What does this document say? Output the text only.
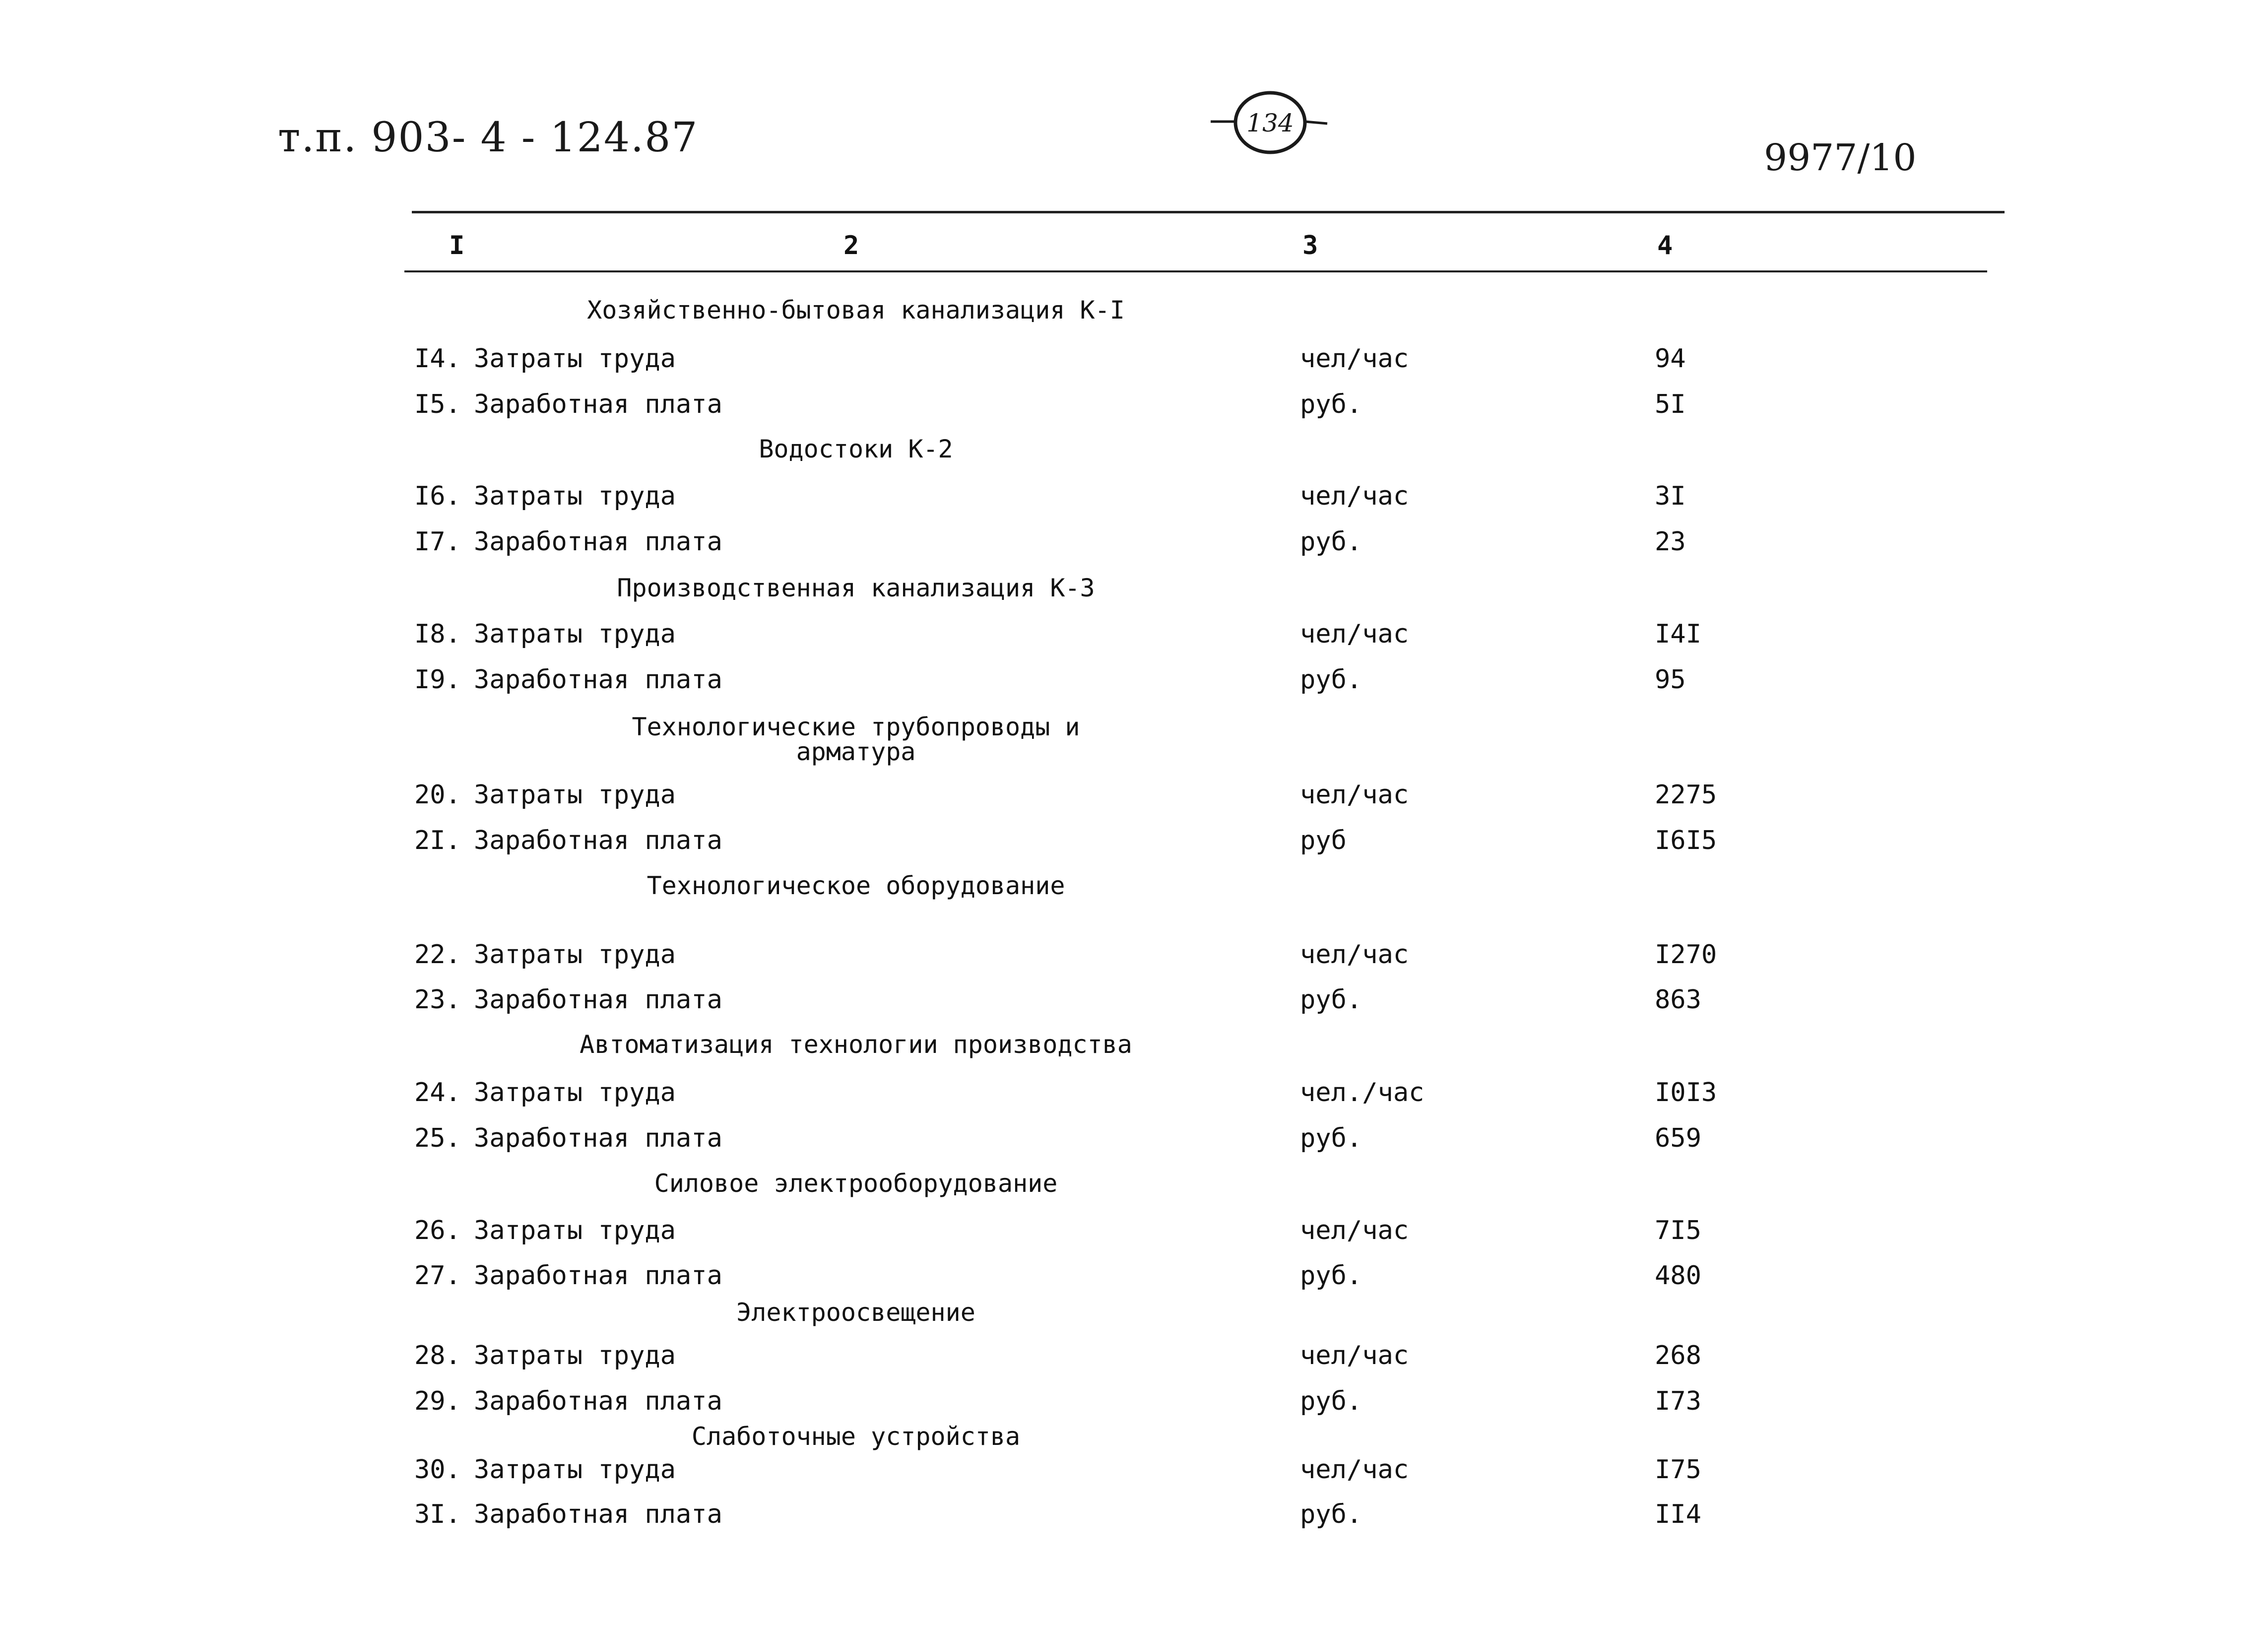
т.п. 903- 4 - 124.87	134
9977/10
I	2	3	4
Хозяйственно-бытовая канализация К-I
I4. Затраты труда	чел/час	94
I5. Заработная плата	руб.	5I
Водостоки К-2
I6. Затраты труда	чел/час	3I
I7. Заработная плата	руб.	23
Производственная канализация К-3
I8. Затраты труда	чел/час	I4I
I9. Заработная плата	руб.	95
Технологические трубопроводы и
арматура
20. Затраты труда	чел/час	2275
2I. Заработная плата	руб	I6I5
Технологическое оборудование
22. Затраты труда	чел/час	I270
23. Заработная плата	руб.	863
Автоматизация технологии производства
24. Затраты труда	чел./час	I0I3
25. Заработная плата	руб.	659
Силовое электрооборудование
26. Затраты труда	чел/час	7I5
27. Заработная плата	руб.	480
Электроосвещение
28. Затраты труда	чел/час	268
29. Заработная плата	руб.	I73
Слаботочные устройства
30. Затраты труда	чел/час	I75
3I. Заработная плата	руб.	II4
